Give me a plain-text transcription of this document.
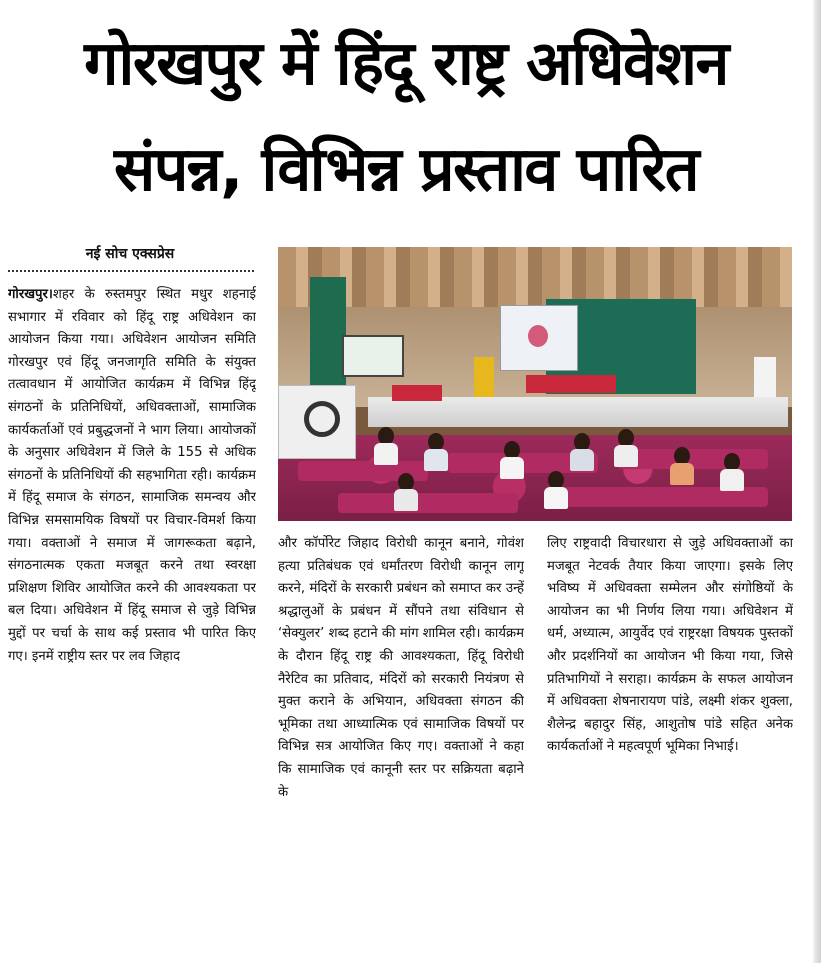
गोरखपुर में हिंदू राष्ट्र अधिवेशन
संपन्न, विभिन्न प्रस्ताव पारित
नई सोच एक्सप्रेस

गोरखपुर।शहर के रुस्तमपुर स्थित मधुर शहनाई सभागार में रविवार को हिंदू राष्ट्र अधिवेशन का आयोजन किया गया। अधिवेशन आयोजन समिति गोरखपुर एवं हिंदू जनजागृति समिति के संयुक्त तत्वावधान में आयोजित कार्यक्रम में विभिन्न हिंदू संगठनों के प्रतिनिधियों, अधिवक्ताओं, सामाजिक कार्यकर्ताओं एवं प्रबुद्धजनों ने भाग लिया। आयोजकों के अनुसार अधिवेशन में जिले के 155 से अधिक संगठनों के प्रतिनिधियों की सहभागिता रही। कार्यक्रम में हिंदू समाज के संगठन, सामाजिक समन्वय और विभिन्न समसामयिक विषयों पर विचार-विमर्श किया गया। वक्ताओं ने समाज में जागरूकता बढ़ाने, संगठनात्मक एकता मजबूत करने तथा स्वरक्षा प्रशिक्षण शिविर आयोजित करने की आवश्यकता पर बल दिया। अधिवेशन में हिंदू समाज से जुड़े विभिन्न मुद्दों पर चर्चा के साथ कई प्रस्ताव भी पारित किए गए। इनमें राष्ट्रीय स्तर पर लव जिहाद

और कॉर्पोरेट जिहाद विरोधी कानून बनाने, गोवंश हत्या प्रतिबंधक एवं धर्मांतरण विरोधी कानून लागू करने, मंदिरों के सरकारी प्रबंधन को समाप्त कर उन्हें श्रद्धालुओं के प्रबंधन में सौंपने तथा संविधान से ‘सेक्युलर’ शब्द हटाने की मांग शामिल रही। कार्यक्रम के दौरान हिंदू राष्ट्र की आवश्यकता, हिंदू विरोधी नैरेटिव का प्रतिवाद, मंदिरों को सरकारी नियंत्रण से मुक्त कराने के अभियान, अधिवक्ता संगठन की भूमिका तथा आध्यात्मिक एवं सामाजिक विषयों पर विभिन्न सत्र आयोजित किए गए। वक्ताओं ने कहा कि सामाजिक एवं कानूनी स्तर पर सक्रियता बढ़ाने के

लिए राष्ट्रवादी विचारधारा से जुड़े अधिवक्ताओं का मजबूत नेटवर्क तैयार किया जाएगा। इसके लिए भविष्य में अधिवक्ता सम्मेलन और संगोष्ठियों के आयोजन का भी निर्णय लिया गया। अधिवेशन में धर्म, अध्यात्म, आयुर्वेद एवं राष्ट्ररक्षा विषयक पुस्तकों और प्रदर्शनियों का आयोजन भी किया गया, जिसे प्रतिभागियों ने सराहा। कार्यक्रम के सफल आयोजन में अधिवक्ता शेषनारायण पांडे, लक्ष्मी शंकर शुक्ला, शैलेन्द्र बहादुर सिंह, आशुतोष पांडे सहित अनेक कार्यकर्ताओं ने महत्वपूर्ण भूमिका निभाई।
